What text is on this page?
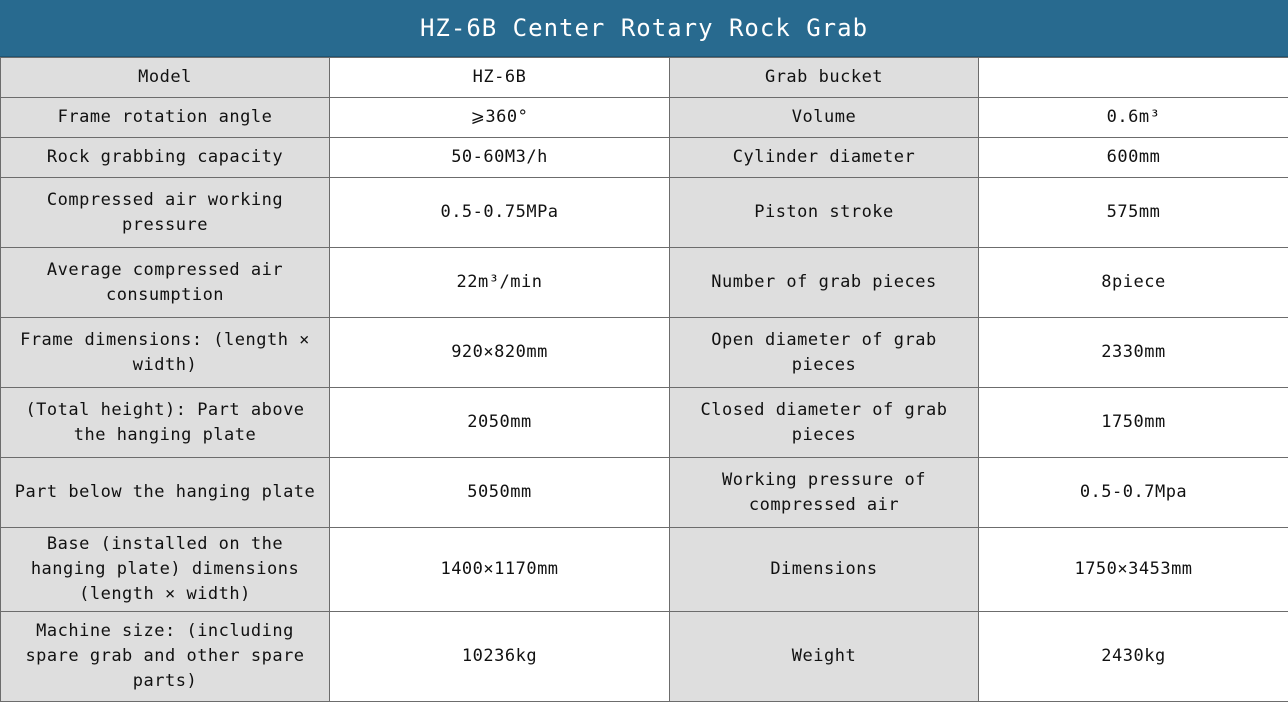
HZ-6B Center Rotary Rock Grab
Model	HZ-6B	Grab bucket	
Frame rotation angle	⩾360°	Volume	0.6m³
Rock grabbing capacity	50-60M3/h	Cylinder diameter	600mm
Compressed air working pressure	0.5-0.75MPa	Piston stroke	575mm
Average compressed air consumption	22m³/min	Number of grab pieces	8piece
Frame dimensions: (length × width)	920×820mm	Open diameter of grab pieces	2330mm
(Total height): Part above the hanging plate	2050mm	Closed diameter of grab pieces	1750mm
Part below the hanging plate	5050mm	Working pressure of compressed air	0.5-0.7Mpa
Base (installed on the hanging plate) dimensions (length × width)	1400×1170mm	Dimensions	1750×3453mm
Machine size: (including spare grab and other spare parts)	10236kg	Weight	2430kg
